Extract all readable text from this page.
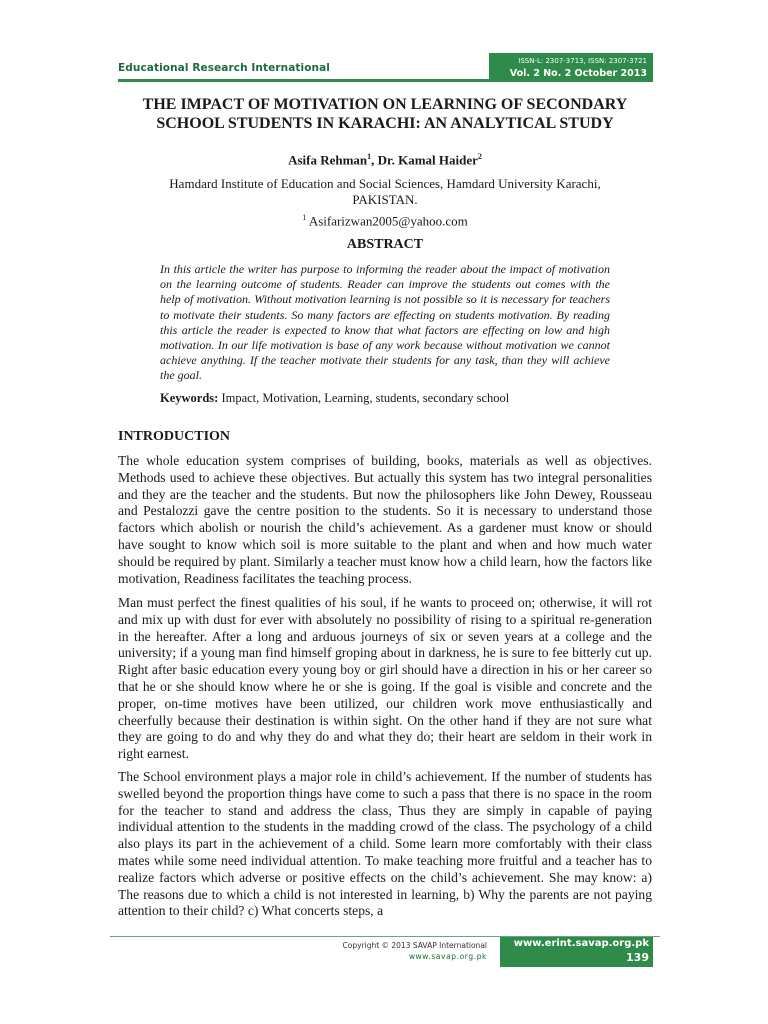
Educational Research International
ISSN-L: 2307-3713, ISSN: 2307-3721
Vol. 2 No. 2 October 2013
THE IMPACT OF MOTIVATION ON LEARNING OF SECONDARY SCHOOL STUDENTS IN KARACHI: AN ANALYTICAL STUDY
Asifa Rehman$^1$, Dr. Kamal Haider$^2$
Hamdard Institute of Education and Social Sciences, Hamdard University Karachi, PAKISTAN.
$^1$ Asifarizwan2005@yahoo.com
ABSTRACT
In this article the writer has purpose to informing the reader about the impact of motivation on the learning outcome of students. Reader can improve the students out comes with the help of motivation. Without motivation learning is not possible so it is necessary for teachers to motivate their students. So many factors are effecting on students motivation. By reading this article the reader is expected to know that what factors are effecting on low and high motivation. In our life motivation is base of any work because without motivation we cannot achieve anything. If the teacher motivate their students for any task, than they will achieve the goal.
Keywords: Impact, Motivation, Learning, students, secondary school
INTRODUCTION

The whole education system comprises of building, books, materials as well as objectives. Methods used to achieve these objectives. But actually this system has two integral personalities and they are the teacher and the students. But now the philosophers like John Dewey, Rousseau and Pestalozzi gave the centre position to the students. So it is necessary to understand those factors which abolish or nourish the child’s achievement. As a gardener must know or should have sought to know which soil is more suitable to the plant and when and how much water should be required by plant. Similarly a teacher must know how a child learn, how the factors like motivation, Readiness facilitates the teaching process.

Man must perfect the finest qualities of his soul, if he wants to proceed on; otherwise, it will rot and mix up with dust for ever with absolutely no possibility of rising to a spiritual re-generation in the hereafter. After a long and arduous journeys of six or seven years at a college and the university; if a young man find himself groping about in darkness, he is sure to fee bitterly cut up. Right after basic education every young boy or girl should have a direction in his or her career so that he or she should know where he or she is going. If the goal is visible and concrete and the proper, on-time motives have been utilized, our children work move enthusiastically and cheerfully because their destination is within sight. On the other hand if they are not sure what they are going to do and why they do and what they do; their heart are seldom in their work in right earnest.

The School environment plays a major role in child’s achievement. If the number of students has swelled beyond the proportion things have come to such a pass that there is no space in the room for the teacher to stand and address the class, Thus they are simply in capable of paying individual attention to the students in the madding crowd of the class. The psychology of a child also plays its part in the achievement of a child. Some learn more comfortably with their class mates while some need individual attention. To make teaching more fruitful and a teacher has to realize factors which adverse or positive effects on the child’s achievement. She may know: a) The reasons due to which a child is not interested in learning, b) Why the parents are not paying attention to their child? c) What concerts steps, a

Copyright © 2013 SAVAP International
www.savap.org.pk
www.erint.savap.org.pk
139
